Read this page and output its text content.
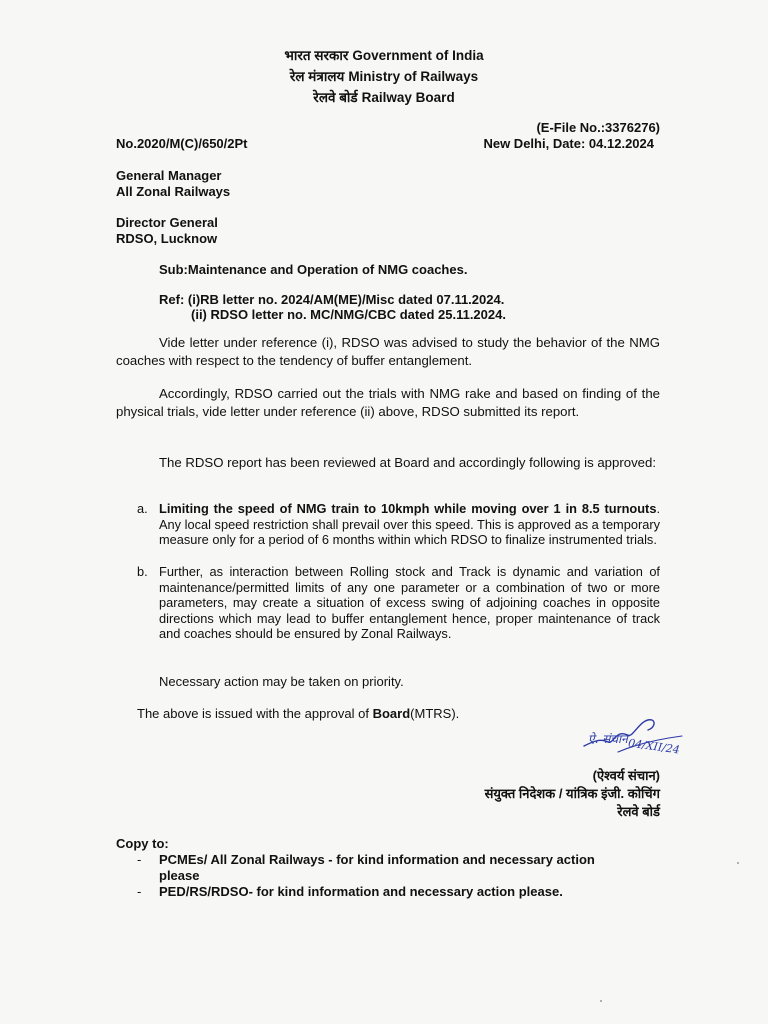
भारत सरकार Government of India
रेल मंत्रालय Ministry of Railways
रेलवे बोर्ड Railway Board
(E-File No.:3376276)
No.2020/M(C)/650/2Pt	New Delhi, Date: 04.12.2024
General Manager
All Zonal Railways
Director General
RDSO, Lucknow
Sub:Maintenance and Operation of NMG coaches.
Ref: (i)RB letter no. 2024/AM(ME)/Misc dated 07.11.2024.
(ii) RDSO letter no. MC/NMG/CBC dated 25.11.2024.
Vide letter under reference (i), RDSO was advised to study the behavior of the NMG coaches with respect to the tendency of buffer entanglement.
Accordingly, RDSO carried out the trials with NMG rake and based on finding of the physical trials, vide letter under reference (ii) above, RDSO submitted its report.
The RDSO report has been reviewed at Board and accordingly following is approved:
a. Limiting the speed of NMG train to 10kmph while moving over 1 in 8.5 turnouts. Any local speed restriction shall prevail over this speed. This is approved as a temporary measure only for a period of 6 months within which RDSO to finalize instrumented trials.
b. Further, as interaction between Rolling stock and Track is dynamic and variation of maintenance/permitted limits of any one parameter or a combination of two or more parameters, may create a situation of excess swing of adjoining coaches in opposite directions which may lead to buffer entanglement hence, proper maintenance of track and coaches should be ensured by Zonal Railways.
Necessary action may be taken on priority.
The above is issued with the approval of Board(MTRS).
ऐ. संचान 04/XII/24
(ऐश्वर्य संचान)
संयुक्त निदेशक / यांत्रिक इंजी. कोचिंग
रेलवे बोर्ड
Copy to:
- PCMEs/ All Zonal Railways - for kind information and necessary action
please
- PED/RS/RDSO- for kind information and necessary action please.
